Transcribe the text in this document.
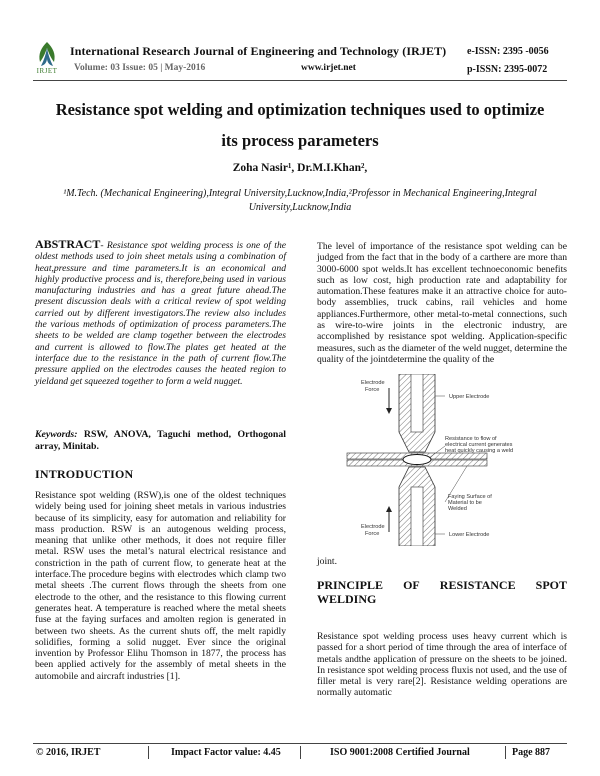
IRJET
International Research Journal of Engineering and Technology (IRJET)
Volume: 03 Issue: 05 | May-2016	www.irjet.net
e-ISSN: 2395 -0056
p-ISSN: 2395-0072
Resistance spot welding and optimization techniques used to optimize
its process parameters
Zoha Nasir¹, Dr.M.I.Khan²,
¹M.Tech. (Mechanical Engineering),Integral University,Lucknow,India,²Professor in Mechanical Engineering,Integral
University,Lucknow,India
ABSTRACT- Resistance spot welding process is one of the oldest methods used to join sheet metals using a combination of heat,pressure and time parameters.It is an economical and highly productive process and is, therefore,being used in various manufacturing industries and has a great future ahead.The present discussion deals with a critical review of spot welding carried out by different investigators.The review also includes the various methods of optimization of process parameters.The sheets to be welded are clamp together between the electrodes and current is allowed to flow.The plates get heated at the interface due to the resistance in the path of current flow.The pressure applied on the electrodes causes the heated region to yieldand get squeezed together to form a weld nugget.
Keywords: RSW, ANOVA, Taguchi method, Orthogonal array, Minitab.
INTRODUCTION
Resistance spot welding (RSW),is one of the oldest techniques widely being used for joining sheet metals in various industries because of its simplicity, easy for automation and reliability for mass production. RSW is an autogenous welding process, meaning that unlike other methods, it does not require filler metal. RSW uses the metal’s natural electrical resistance and constriction in the path of current flow, to generate heat at the interface.The procedure begins with electrodes which clamp two metal sheets .The current flows through the sheets from one electrode to the other, and the resistance to this flowing current generates heat. A temperature is reached where the metal sheets fuse at the faying surfaces and amolten region is generated in between two sheets. As the current shuts off, the melt rapidly solidifies, forming a solid nugget. Ever since the original invention by Professor Elihu Thomson in 1877, the process has been applied actively for the assembly of metal sheets in the automobile and aircraft industries [1].
The level of importance of the resistance spot welding can be judged from the fact that in the body of a carthere are more than 3000-6000 spot welds.It has excellent technoeconomic benefits such as low cost, high production rate and adaptability for automation.These features make it an attractive choice for auto-body assemblies, truck cabins, rail vehicles and home appliances.Furthermore, other metal-to-metal connections, such as wire-to-wire joints in the electronic industry, are accomplished by resistance spot welding. Application-specific measures, such as the diameter of the weld nugget, determine the quality of the jointdetermine the quality of the
Electrode
Force
Upper Electrode
Resistance to flow of
electrical current generates
heat quickly causing a weld
Faying Surface of
Material to be
Welded
Electrode
Force	Lower Electrode
joint.
PRINCIPLE OF RESISTANCE SPOT
WELDING
Resistance spot welding process uses heavy current which is passed for a short period of time through the area of interface of metals andthe application of pressure on the sheets to be joined. In resistance spot welding process fluxis not used, and the use of filler metal is very rare[2]. Resistance welding operations are normally automatic
© 2016, IRJET	Impact Factor value: 4.45	ISO 9001:2008 Certified Journal	Page 887
